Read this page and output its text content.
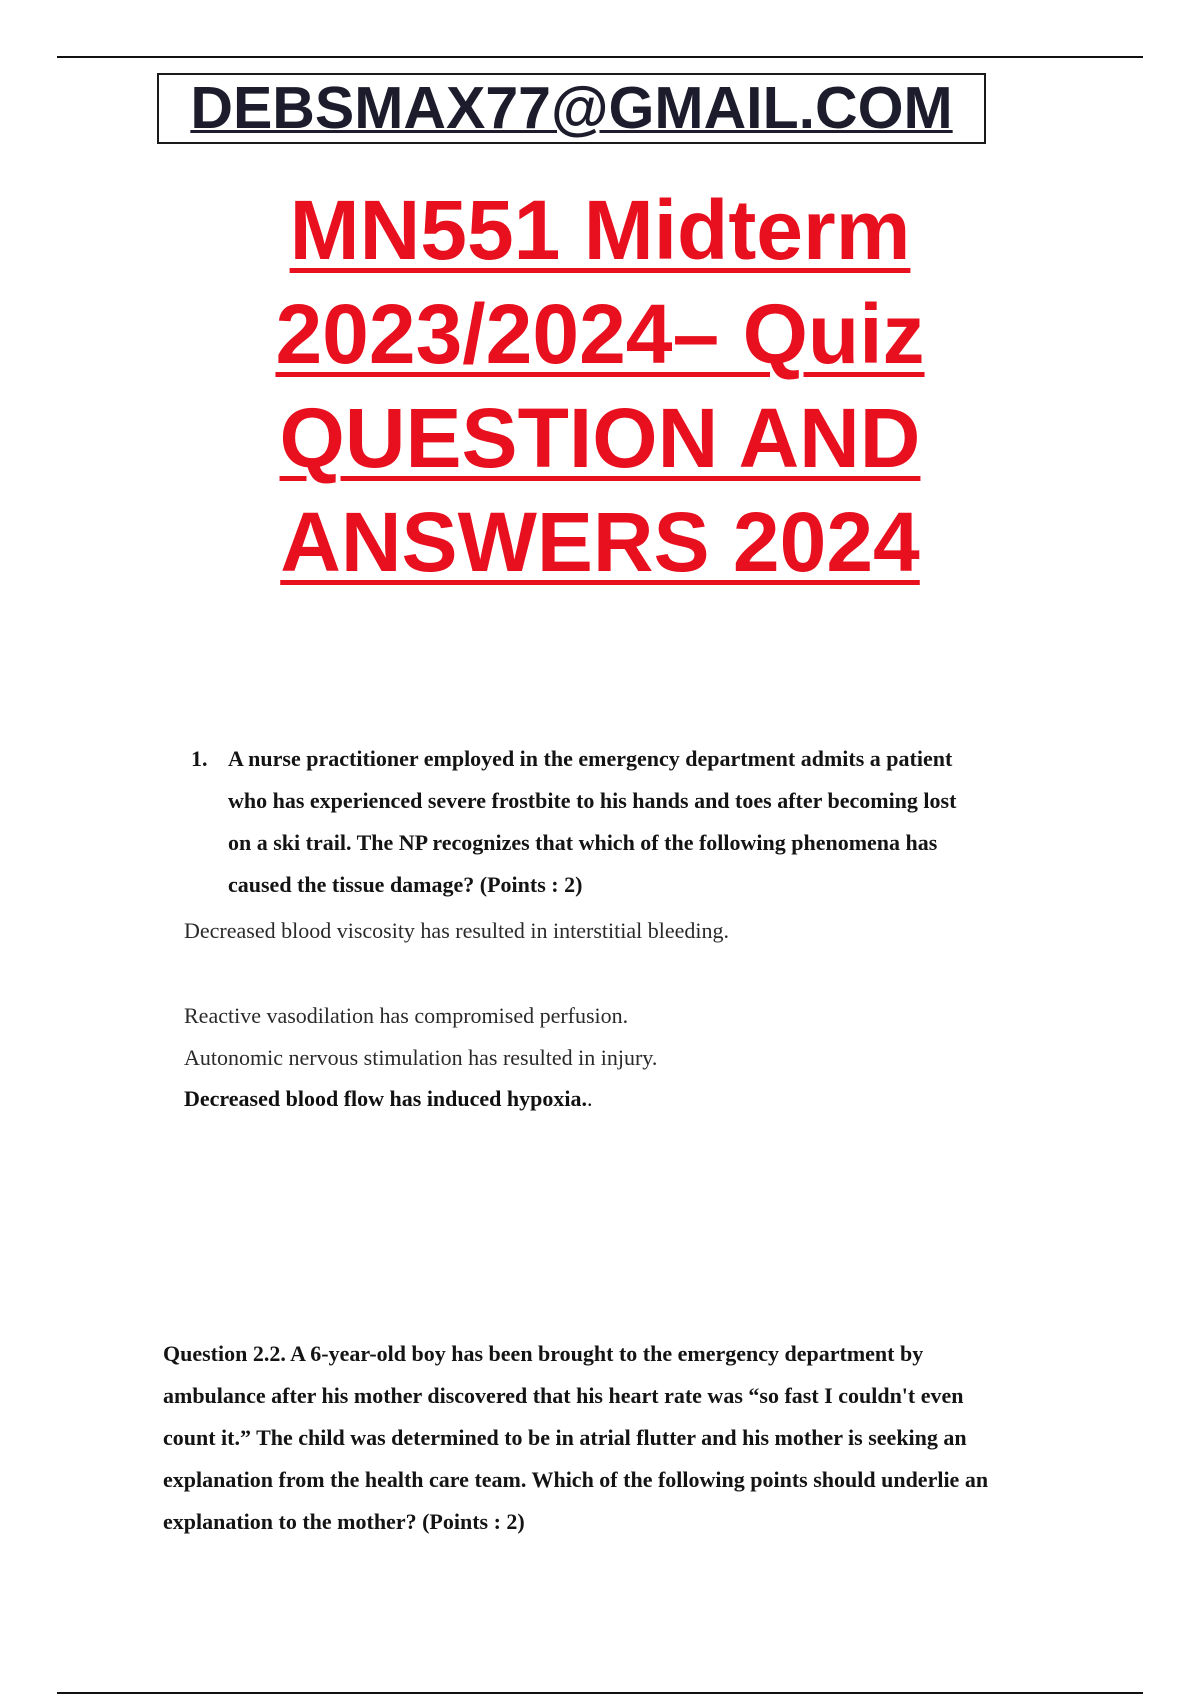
DEBSMAX77@GMAIL.COM
MN551 Midterm
2023/2024– Quiz
QUESTION AND
ANSWERS 2024
1. A nurse practitioner employed in the emergency department admits a patient who has experienced severe frostbite to his hands and toes after becoming lost on a ski trail. The NP recognizes that which of the following phenomena has caused the tissue damage? (Points : 2)
Decreased blood viscosity has resulted in interstitial bleeding.
Reactive vasodilation has compromised perfusion.
Autonomic nervous stimulation has resulted in injury.
Decreased blood flow has induced hypoxia..
Question 2.2. A 6-year-old boy has been brought to the emergency department by ambulance after his mother discovered that his heart rate was “so fast I couldn't even count it.” The child was determined to be in atrial flutter and his mother is seeking an explanation from the health care team. Which of the following points should underlie an explanation to the mother? (Points : 2)
